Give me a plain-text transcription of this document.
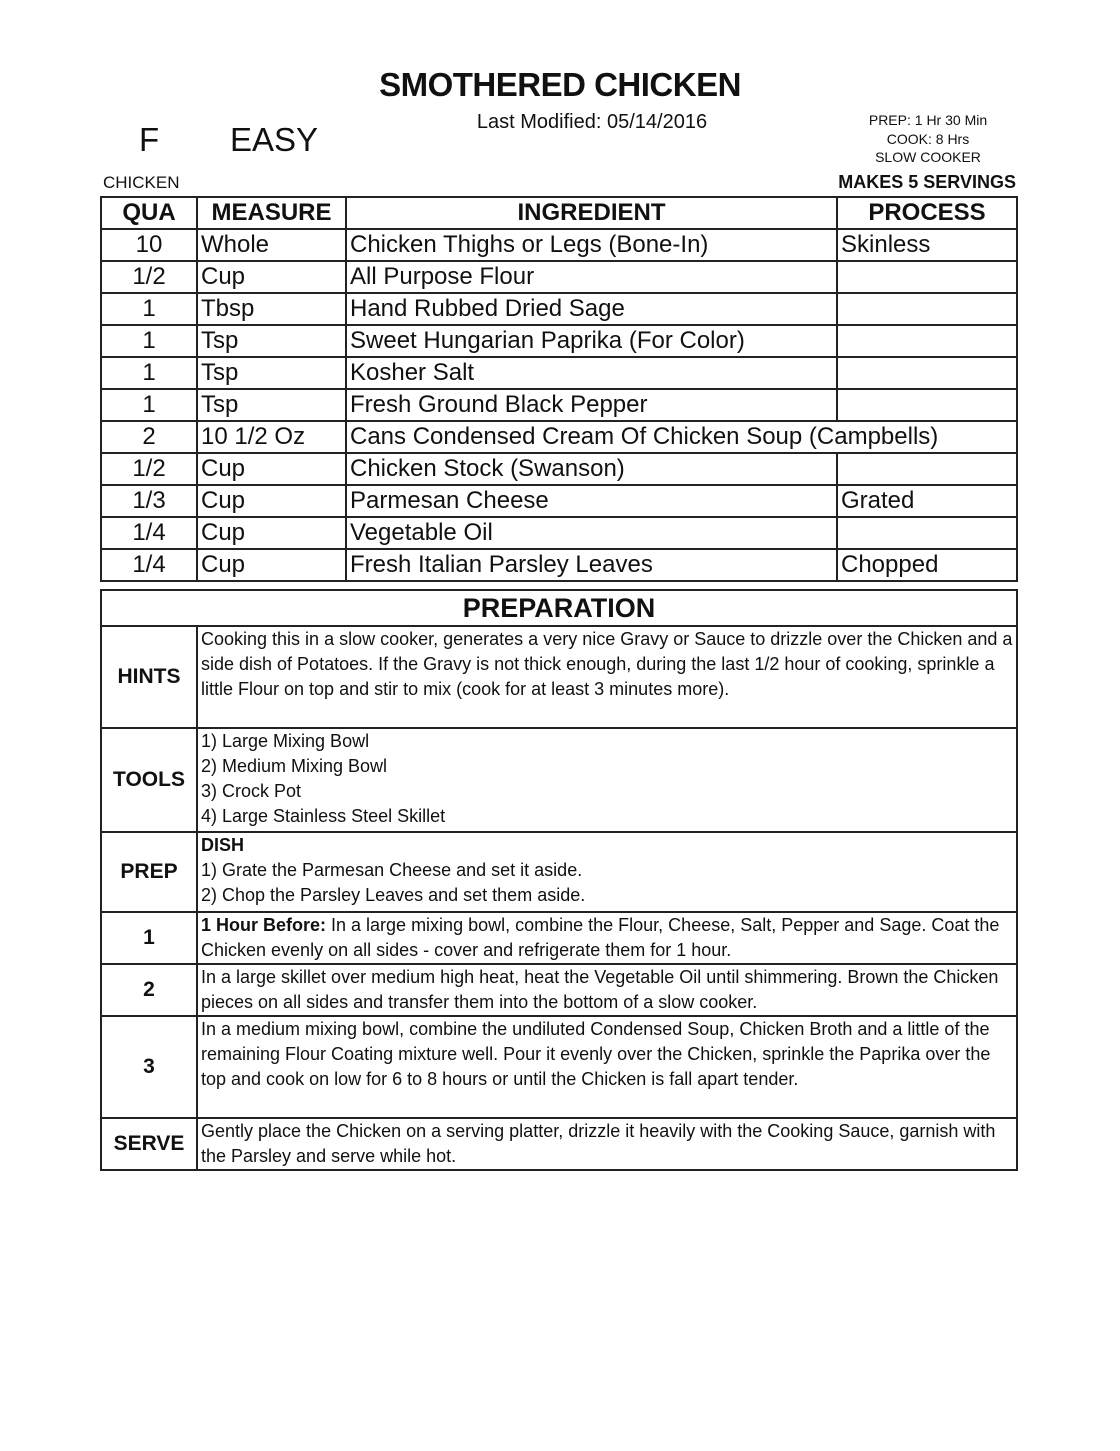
SMOTHERED CHICKEN
Last Modified: 05/14/2016
F EASY
PREP: 1 Hr 30 Min
COOK: 8 Hrs
SLOW COOKER
CHICKEN	MAKES 5 SERVINGS
QUA	MEASURE	INGREDIENT	PROCESS
10	Whole	Chicken Thighs or Legs (Bone-In)	Skinless
1/2	Cup	All Purpose Flour	
1	Tbsp	Hand Rubbed Dried Sage	
1	Tsp	Sweet Hungarian Paprika (For Color)	
1	Tsp	Kosher Salt	
1	Tsp	Fresh Ground Black Pepper	
2	10 1/2 Oz	Cans Condensed Cream Of Chicken Soup (Campbells)	
1/2	Cup	Chicken Stock (Swanson)	
1/3	Cup	Parmesan Cheese	Grated
1/4	Cup	Vegetable Oil	
1/4	Cup	Fresh Italian Parsley Leaves	Chopped
PREPARATION	
HINTS	Cooking this in a slow cooker, generates a very nice Gravy or Sauce to drizzle over the Chicken and a side dish of Potatoes. If the Gravy is not thick enough, during the last 1/2 hour of cooking, sprinkle a little Flour on top and stir to mix (cook for at least 3 minutes more).
TOOLS	1) Large Mixing Bowl
2) Medium Mixing Bowl
3) Crock Pot
4) Large Stainless Steel Skillet

PREP	DISH
1) Grate the Parmesan Cheese and set it aside.
2) Chop the Parsley Leaves and set them aside.

1	1 Hour Before: In a large mixing bowl, combine the Flour, Cheese, Salt, Pepper and Sage. Coat the Chicken evenly on all sides - cover and refrigerate them for 1 hour.
2	In a large skillet over medium high heat, heat the Vegetable Oil until shimmering. Brown the Chicken pieces on all sides and transfer them into the bottom of a slow cooker.
3	In a medium mixing bowl, combine the undiluted Condensed Soup, Chicken Broth and a little of the remaining Flour Coating mixture well. Pour it evenly over the Chicken, sprinkle the Paprika over the top and cook on low for 6 to 8 hours or until the Chicken is fall apart tender.
SERVE	Gently place the Chicken on a serving platter, drizzle it heavily with the Cooking Sauce, garnish with the Parsley and serve while hot.
